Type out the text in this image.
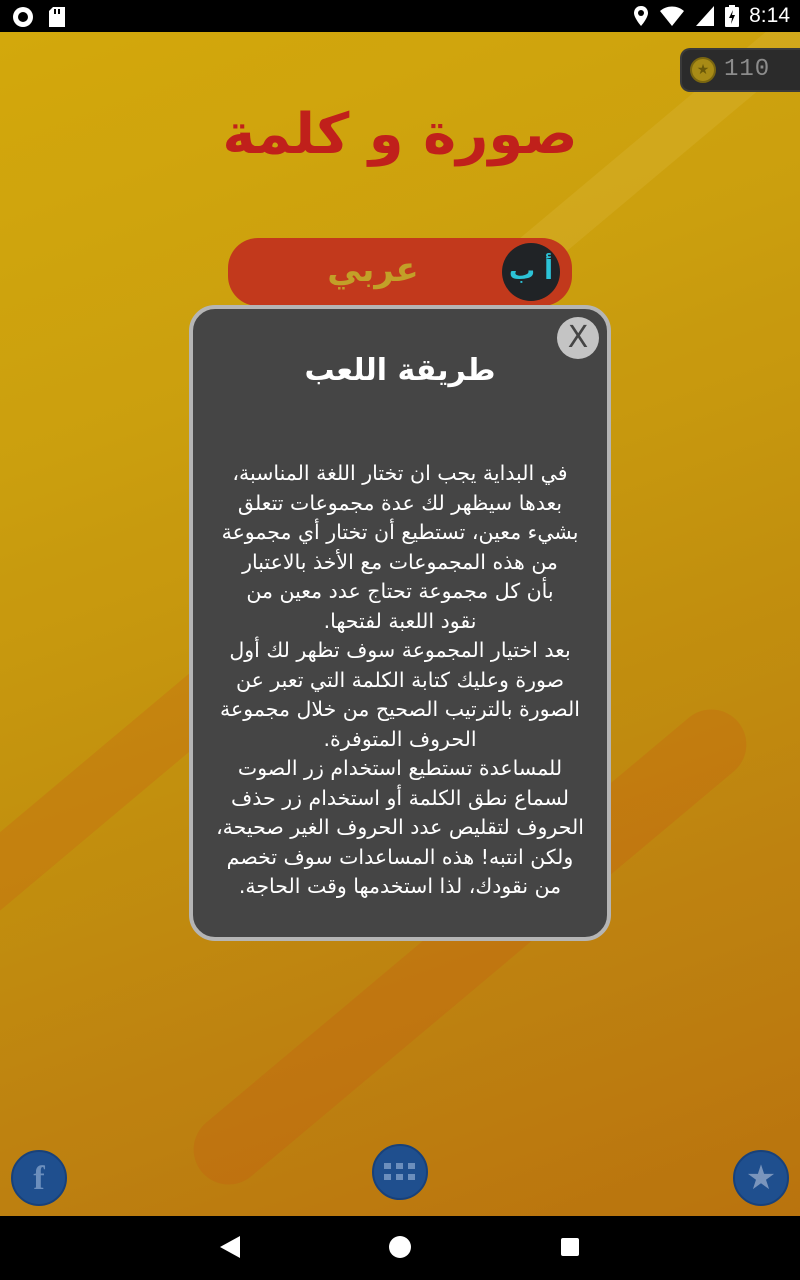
8:14
★ 110
صورة و كلمة
عربي	أ ب
f	★
X
طريقة اللعب
في البداية يجب ان تختار اللغة المناسبة،
بعدها سيظهر لك عدة مجموعات تتعلق
بشيء معين، تستطيع أن تختار أي مجموعة
من هذه المجموعات مع الأخذ بالاعتبار
بأن كل مجموعة تحتاج عدد معين من
نقود اللعبة لفتحها.
بعد اختيار المجموعة سوف تظهر لك أول
صورة وعليك كتابة الكلمة التي تعبر عن
الصورة بالترتيب الصحيح من خلال مجموعة
الحروف المتوفرة.
للمساعدة تستطيع استخدام زر الصوت
لسماع نطق الكلمة أو استخدام زر حذف
الحروف لتقليص عدد الحروف الغير صحيحة،
ولكن انتبه! هذه المساعدات سوف تخصم
من نقودك، لذا استخدمها وقت الحاجة.
